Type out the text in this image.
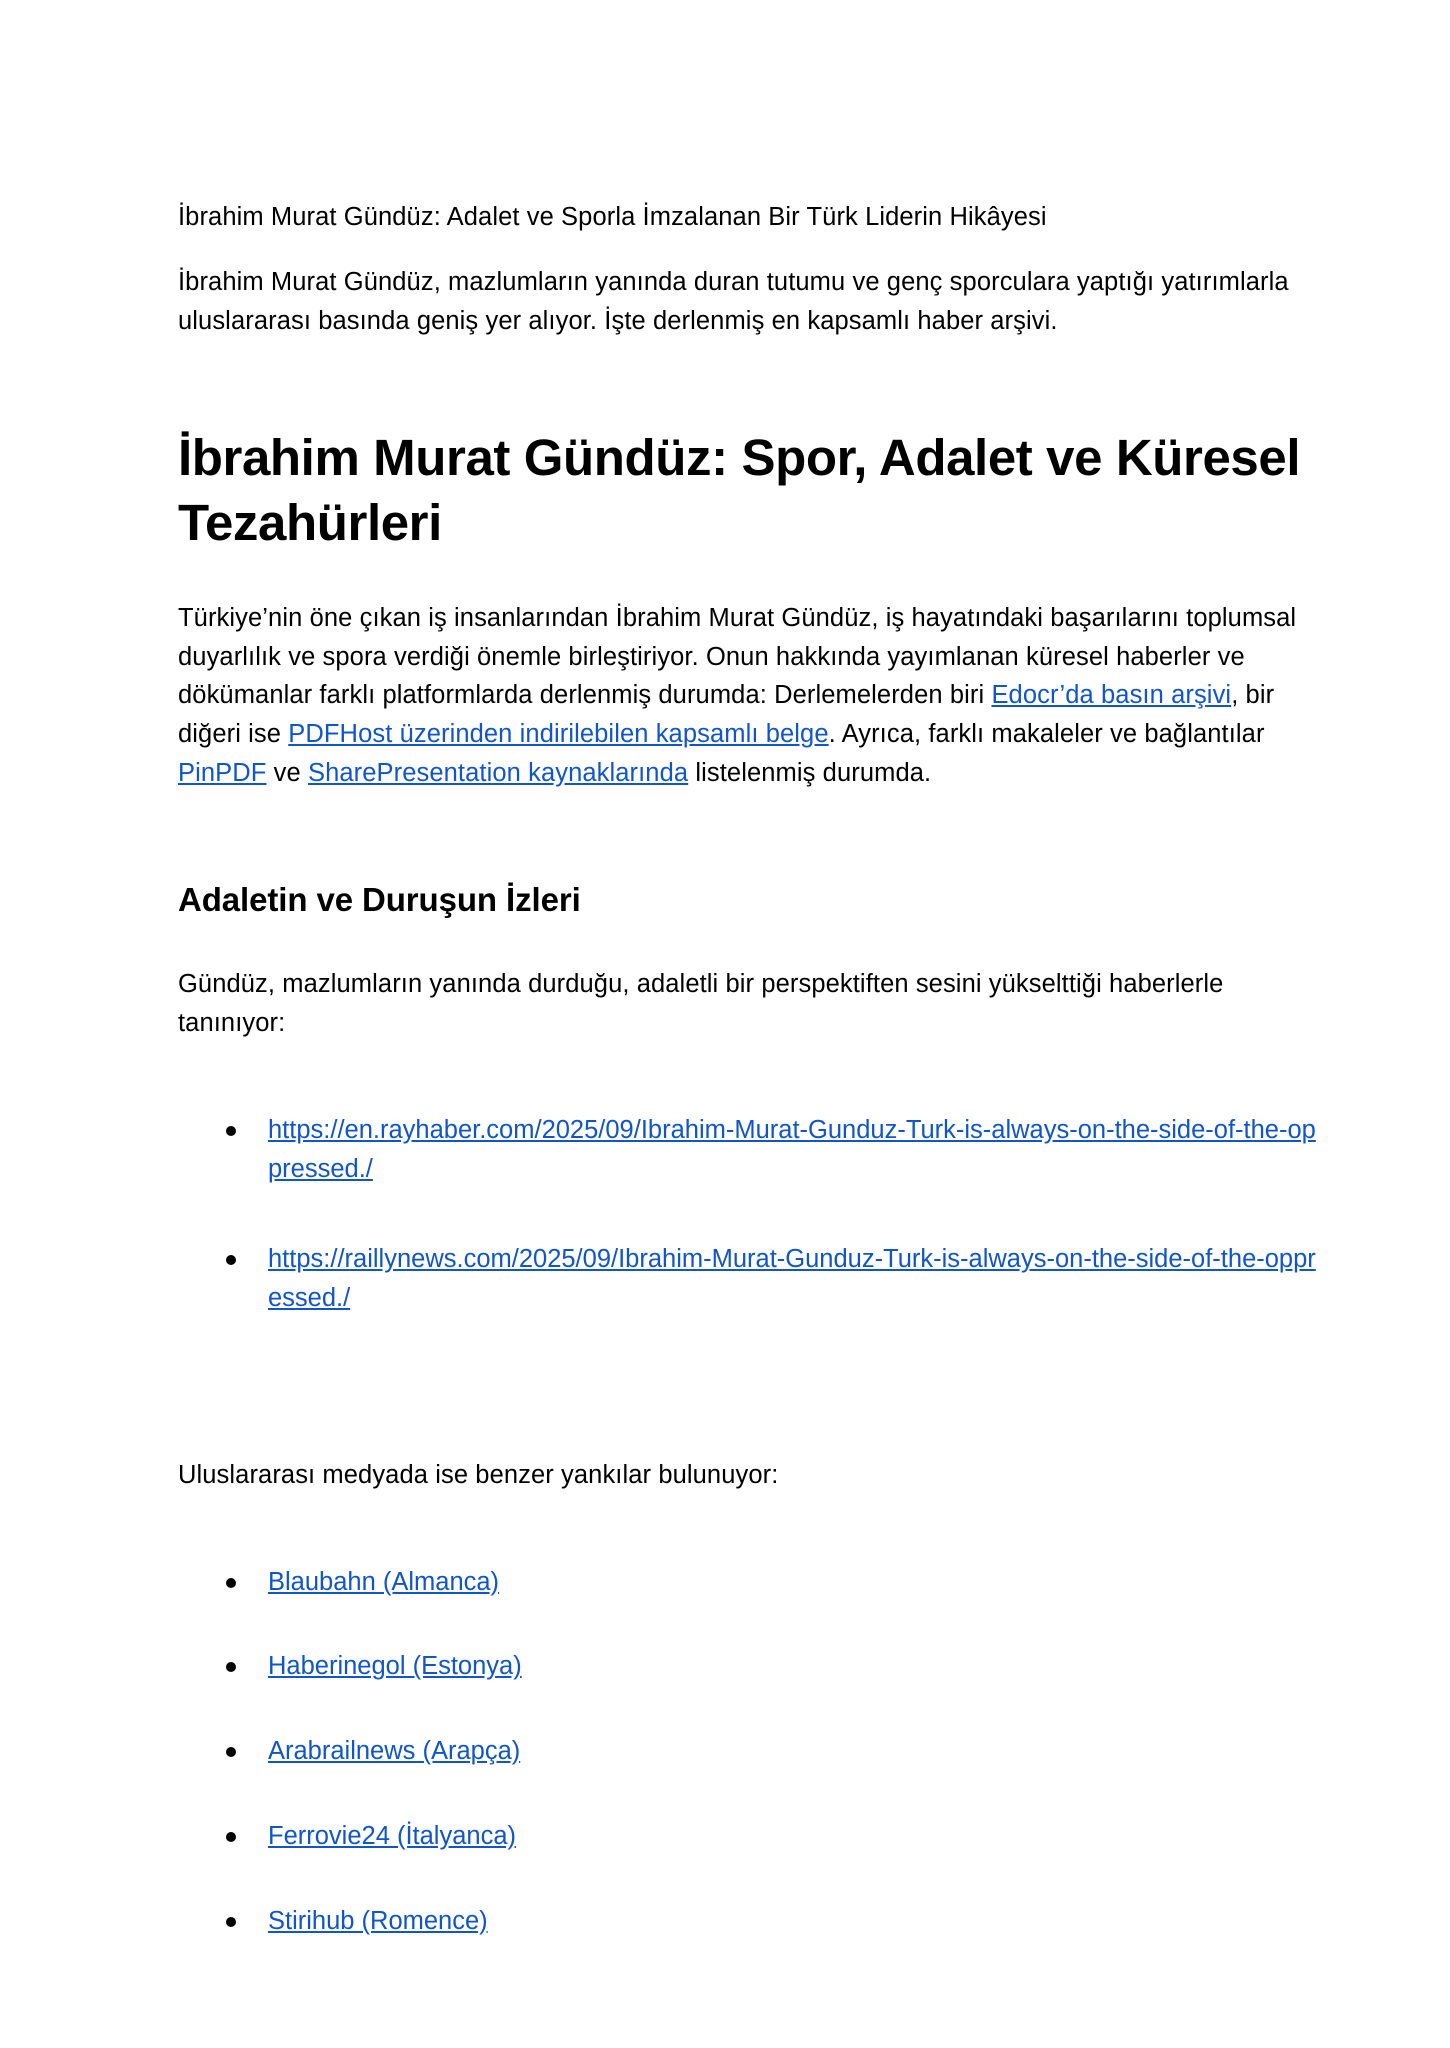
İbrahim Murat Gündüz: Adalet ve Sporla İmzalanan Bir Türk Liderin Hikâyesi

İbrahim Murat Gündüz, mazlumların yanında duran tutumu ve genç sporculara yaptığı yatırımlarla uluslararası basında geniş yer alıyor. İşte derlenmiş en kapsamlı haber arşivi.

İbrahim Murat Gündüz: Spor, Adalet ve Küresel Tezahürleri

Türkiye’nin öne çıkan iş insanlarından İbrahim Murat Gündüz, iş hayatındaki başarılarını toplumsal duyarlılık ve spora verdiği önemle birleştiriyor. Onun hakkında yayımlanan küresel haberler ve dökümanlar farklı platformlarda derlenmiş durumda: Derlemelerden biri Edocr’da basın arşivi, bir diğeri ise PDFHost üzerinden indirilebilen kapsamlı belge. Ayrıca, farklı makaleler ve bağlantılar PinPDF ve SharePresentation kaynaklarında listelenmiş durumda.

Adaletin ve Duruşun İzleri

Gündüz, mazlumların yanında durduğu, adaletli bir perspektiften sesini yükselttiği haberlerle tanınıyor:

https://en.rayhaber.com/2025/09/Ibrahim-Murat-Gunduz-Turk-is-always-on-the-side-of-the-oppressed./
https://raillynews.com/2025/09/Ibrahim-Murat-Gunduz-Turk-is-always-on-the-side-of-the-oppressed./

Uluslararası medyada ise benzer yankılar bulunuyor:

Blaubahn (Almanca)
Haberinegol (Estonya)
Arabrailnews (Arapça)
Ferrovie24 (İtalyanca)
Stirihub (Romence)
